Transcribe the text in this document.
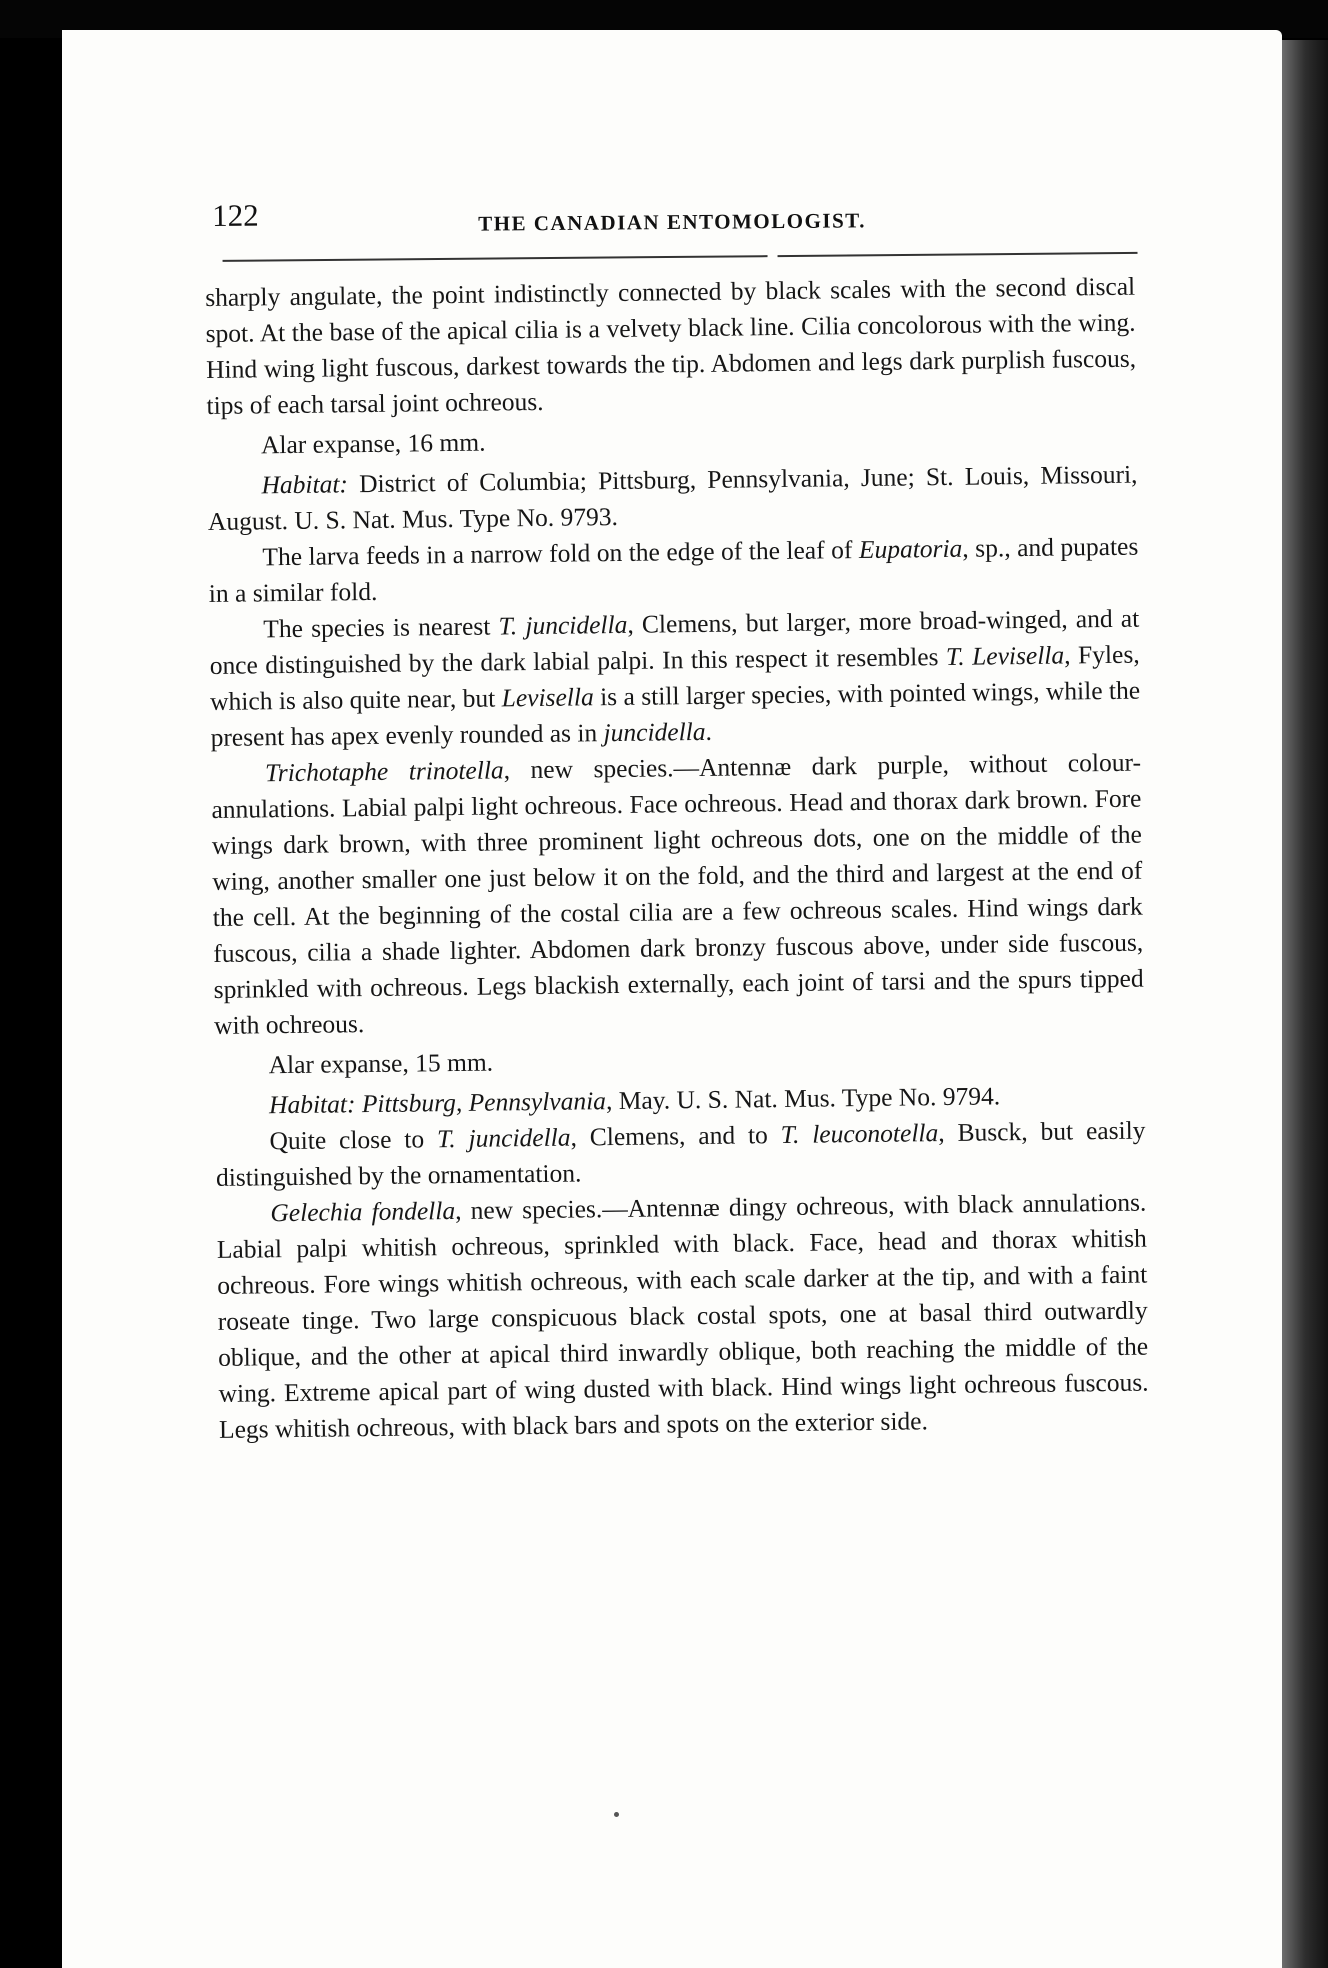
122	THE CANADIAN ENTOMOLOGIST.

sharply angulate, the point indistinctly connected by black scales with the second discal spot. At the base of the apical cilia is a velvety black line. Cilia concolorous with the wing. Hind wing light fuscous, darkest towards the tip. Abdomen and legs dark purplish fuscous, tips of each tarsal joint ochreous.

Alar expanse, 16 mm.

Habitat: District of Columbia; Pittsburg, Pennsylvania, June; St. Louis, Missouri, August. U. S. Nat. Mus. Type No. 9793.

The larva feeds in a narrow fold on the edge of the leaf of Eupatoria, sp., and pupates in a similar fold.

The species is nearest T. juncidella, Clemens, but larger, more broad-winged, and at once distinguished by the dark labial palpi. In this respect it resembles T. Levisella, Fyles, which is also quite near, but Levisella is a still larger species, with pointed wings, while the present has apex evenly rounded as in juncidella.

Trichotaphe trinotella, new species.—Antennæ dark purple, without colour-annulations. Labial palpi light ochreous. Face ochreous. Head and thorax dark brown. Fore wings dark brown, with three prominent light ochreous dots, one on the middle of the wing, another smaller one just below it on the fold, and the third and largest at the end of the cell. At the beginning of the costal cilia are a few ochreous scales. Hind wings dark fuscous, cilia a shade lighter. Abdomen dark bronzy fuscous above, under side fuscous, sprinkled with ochreous. Legs blackish externally, each joint of tarsi and the spurs tipped with ochreous.

Alar expanse, 15 mm.

Habitat: Pittsburg, Pennsylvania, May. U. S. Nat. Mus. Type No. 9794.

Quite close to T. juncidella, Clemens, and to T. leuconotella, Busck, but easily distinguished by the ornamentation.

Gelechia fondella, new species.—Antennæ dingy ochreous, with black annulations. Labial palpi whitish ochreous, sprinkled with black. Face, head and thorax whitish ochreous. Fore wings whitish ochreous, with each scale darker at the tip, and with a faint roseate tinge. Two large conspicuous black costal spots, one at basal third outwardly oblique, and the other at apical third inwardly oblique, both reaching the middle of the wing. Extreme apical part of wing dusted with black. Hind wings light ochreous fuscous. Legs whitish ochreous, with black bars and spots on the exterior side.
